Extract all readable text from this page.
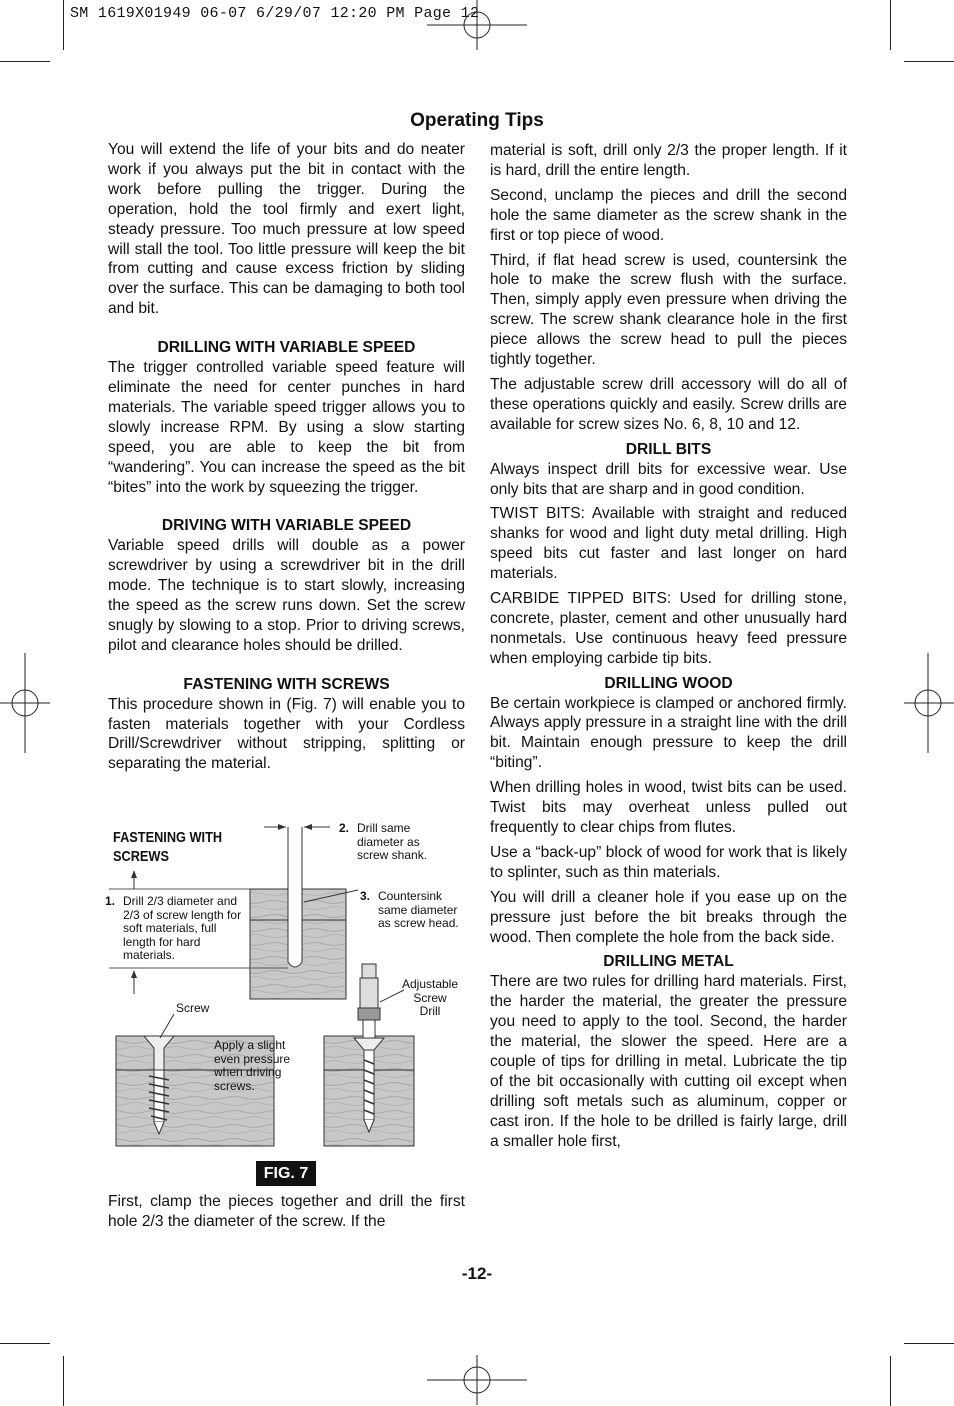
SM 1619X01949 06-07 6/29/07 12:20 PM Page 12
Operating Tips

You will extend the life of your bits and do neater work if you always put the bit in contact with the work before pulling the trigger. During the operation, hold the tool firmly and exert light, steady pressure. Too much pressure at low speed will stall the tool. Too little pressure will keep the bit from cutting and cause excess friction by sliding over the surface. This can be damaging to both tool and bit.

DRILLING WITH VARIABLE SPEED

The trigger controlled variable speed feature will eliminate the need for center punches in hard materials. The variable speed trigger allows you to slowly increase RPM. By using a slow starting speed, you are able to keep the bit from “wandering”. You can increase the speed as the bit “bites” into the work by squeezing the trigger.

DRIVING WITH VARIABLE SPEED

Variable speed drills will double as a power screwdriver by using a screwdriver bit in the drill mode. The technique is to start slowly, increasing the speed as the screw runs down. Set the screw snugly by slowing to a stop. Prior to driving screws, pilot and clearance holes should be drilled.

FASTENING WITH SCREWS

This procedure shown in (Fig. 7) will enable you to fasten materials together with your Cordless Drill/Screwdriver without stripping, splitting or separating the material.

FASTENING WITH
SCREWS
1. Drill 2/3 diameter and
2/3 of screw length for
soft materials, full
length for hard
materials.
2. Drill same
diameter as
screw shank.
3. Countersink
same diameter
as screw head.
Screw
Adjustable
Screw
Drill
Apply a slight
even pressure
when driving
screws.
FIG. 7
First, clamp the pieces together and drill the first hole 2/3 the diameter of the screw. If the

material is soft, drill only 2/3 the proper length. If it is hard, drill the entire length.

Second, unclamp the pieces and drill the second hole the same diameter as the screw shank in the first or top piece of wood.

Third, if flat head screw is used, countersink the hole to make the screw flush with the surface. Then, simply apply even pressure when driving the screw. The screw shank clearance hole in the first piece allows the screw head to pull the pieces tightly together.

The adjustable screw drill accessory will do all of these operations quickly and easily. Screw drills are available for screw sizes No. 6, 8, 10 and 12.

DRILL BITS

Always inspect drill bits for excessive wear. Use only bits that are sharp and in good condition.

TWIST BITS: Available with straight and reduced shanks for wood and light duty metal drilling. High speed bits cut faster and last longer on hard materials.

CARBIDE TIPPED BITS: Used for drilling stone, concrete, plaster, cement and other unusually hard nonmetals. Use continuous heavy feed pressure when employing carbide tip bits.

DRILLING WOOD

Be certain workpiece is clamped or anchored firmly. Always apply pressure in a straight line with the drill bit. Maintain enough pressure to keep the drill “biting”.

When drilling holes in wood, twist bits can be used. Twist bits may overheat unless pulled out frequently to clear chips from flutes.

Use a “back-up” block of wood for work that is likely to splinter, such as thin materials.

You will drill a cleaner hole if you ease up on the pressure just before the bit breaks through the wood. Then complete the hole from the back side.

DRILLING METAL

There are two rules for drilling hard materials. First, the harder the material, the greater the pressure you need to apply to the tool. Second, the harder the material, the slower the speed. Here are a couple of tips for drilling in metal. Lubricate the tip of the bit occasionally with cutting oil except when drilling soft metals such as aluminum, copper or cast iron. If the hole to be drilled is fairly large, drill a smaller hole first,

-12-
